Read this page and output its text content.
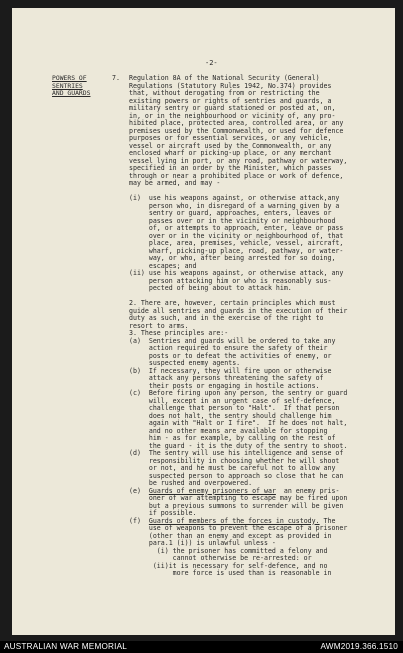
-2-
POWERS OF
SENTRIES
AND GUARDS
7. Regulation 8A of the National Security (General)
Regulations (Statutory Rules 1942, No.374) provides
that, without derogating from or restricting the
existing powers or rights of sentries and guards, a
military sentry or guard stationed or posted at, on,
in, or in the neighbourhood or vicinity of, any pro-
hibited place, protected area, controlled area, or any
premises used by the Commonwealth, or used for defence
purposes or for essential services, or any vehicle,
vessel or aircraft used by the Commonwealth, or any
enclosed wharf or picking-up place, or any merchant
vessel lying in port, or any road, pathway or waterway,
specified in an order by the Minister, which passes
through or near a prohibited place or work of defence,
may be armed, and may -

(i)  use his weapons against, or otherwise attack,any
person who, in disregard of a warning given by a
sentry or guard, approaches, enters, leaves or
passes over or in the vicinity or neighbourhood
of, or attempts to approach, enter, leave or pass
over or in the vicinity or neighbourhood of, that
place, area, premises, vehicle, vessel, aircraft,
wharf, picking-up place, road, pathway, or water-
way, or who, after being arrested for so doing,
escapes; and
(ii) use his weapons against, or otherwise attack, any
person attacking him or who is reasonably sus-
pected of being about to attack him.

2. There are, however, certain principles which must
guide all sentries and guards in the execution of their
duty as such, and in the exercise of the right to
resort to arms.
3. These principles are:-
(a)  Sentries and guards will be ordered to take any
action required to ensure the safety of their
posts or to defeat the activities of enemy, or
suspected enemy agents.
(b)  If necessary, they will fire upon or otherwise
attack any persons threatening the safety of
their posts or engaging in hostile actions.
(c)  Before firing upon any person, the sentry or guard
will, except in an urgent case of self-defence,
challenge that person to "Halt".  If that person
does not halt, the sentry should challenge him
again with "Halt or I fire".  If he does not halt,
and no other means are available for stopping
him - as for example, by calling on the rest of
the guard - it is the duty of the sentry to shoot.
(d)  The sentry will use his intelligence and sense of
responsibility in choosing whether he will shoot
or not, and he must be careful not to allow any
suspected person to approach so close that he can
be rushed and overpowered.
(e) Guards of enemy prisoners of war  an enemy pris-
oner of war attempting to escape may be fired upon
but a previous summons to surrender will be given
if possible.
(f) Guards of members of the forces in custody. The
use of weapons to prevent the escape of a prisoner
(other than an enemy and except as provided in
para.1 (i)) is unlawful unless -
(i) the prisoner has committed a felony and
cannot otherwise be re-arrested: or
(ii)it is necessary for self-defence, and no
more force is used than is reasonable in
AUSTRALIAN WAR MEMORIAL	AWM2019.366.1510
